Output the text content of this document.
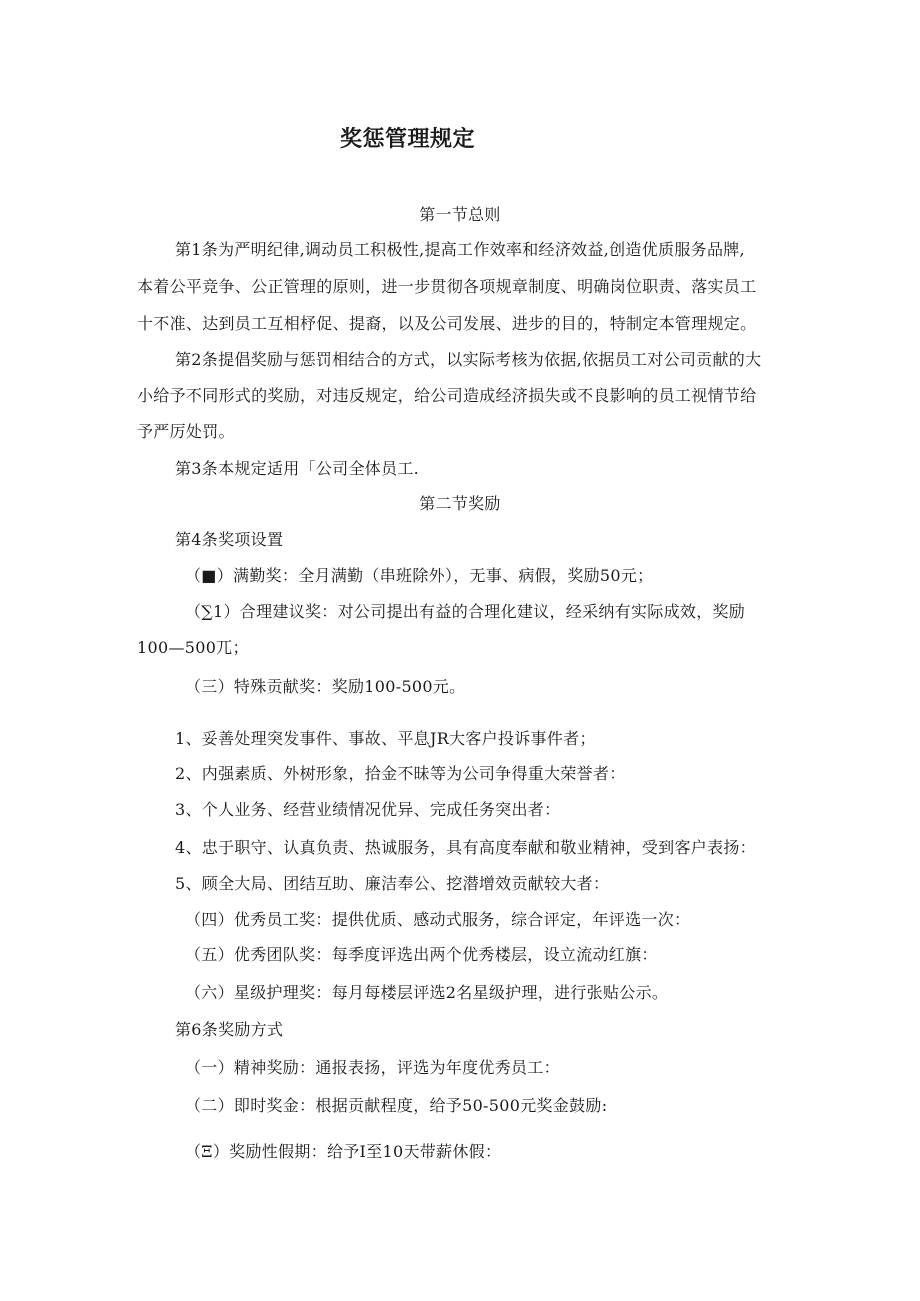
奖惩管理规定
第一节总则
第1条为严明纪律,调动员工积极性,提高工作效率和经济效益,创造优质服务品牌,
本着公平竞争、公正管理的原则，进一步贯彻各项规章制度、明确岗位职责、落实员工
十不准、达到员工互相杼促、提裔，以及公司发展、进步的目的，特制定本管理规定。
第2条提倡奖励与惩罚相结合的方式，以实际考核为依据,依据员工对公司贡献的大
小给予不同形式的奖励，对违反规定，给公司造成经济损失或不良影响的员工视情节给
予严厉处罚。
第3条本规定适用「公司全体员工.
第二节奖励
第4条奖项设置
（■）满勤奖：全月满勤（串班除外），无事、病假，奖励50元；
（∑1）合理建议奖：对公司提出有益的合理化建议，经采纳有实际成效，奖励
100—500兀；
（三）特殊贡献奖：奖励100-500元。
1、妥善处理突发事件、事故、平息JR大客户投诉事件者；
2、内强素质、外树形象，拾金不昧等为公司争得重大荣誉者：
3、个人业务、经营业绩情况优异、完成任务突出者：
4、忠于职守、认真负责、热诚服务，具有高度奉献和敬业精神，受到客户表扬：
5、顾全大局、团结互助、廉洁奉公、挖潜增效贡献较大者：
（四）优秀员工奖：提供优质、感动式服务，综合评定，年评选一次：
（五）优秀团队奖：每季度评选出两个优秀楼层，设立流动红旗：
（六）星级护理奖：每月每楼层评选2名星级护理，进行张贴公示。
第6条奖励方式
（一）精神奖励：通报表扬，评选为年度优秀员工：
（二）即时奖金：根据贡献程度，给予50-500元奖金鼓励:
（Ξ）奖励性假期：给予I至10天带薪休假：
